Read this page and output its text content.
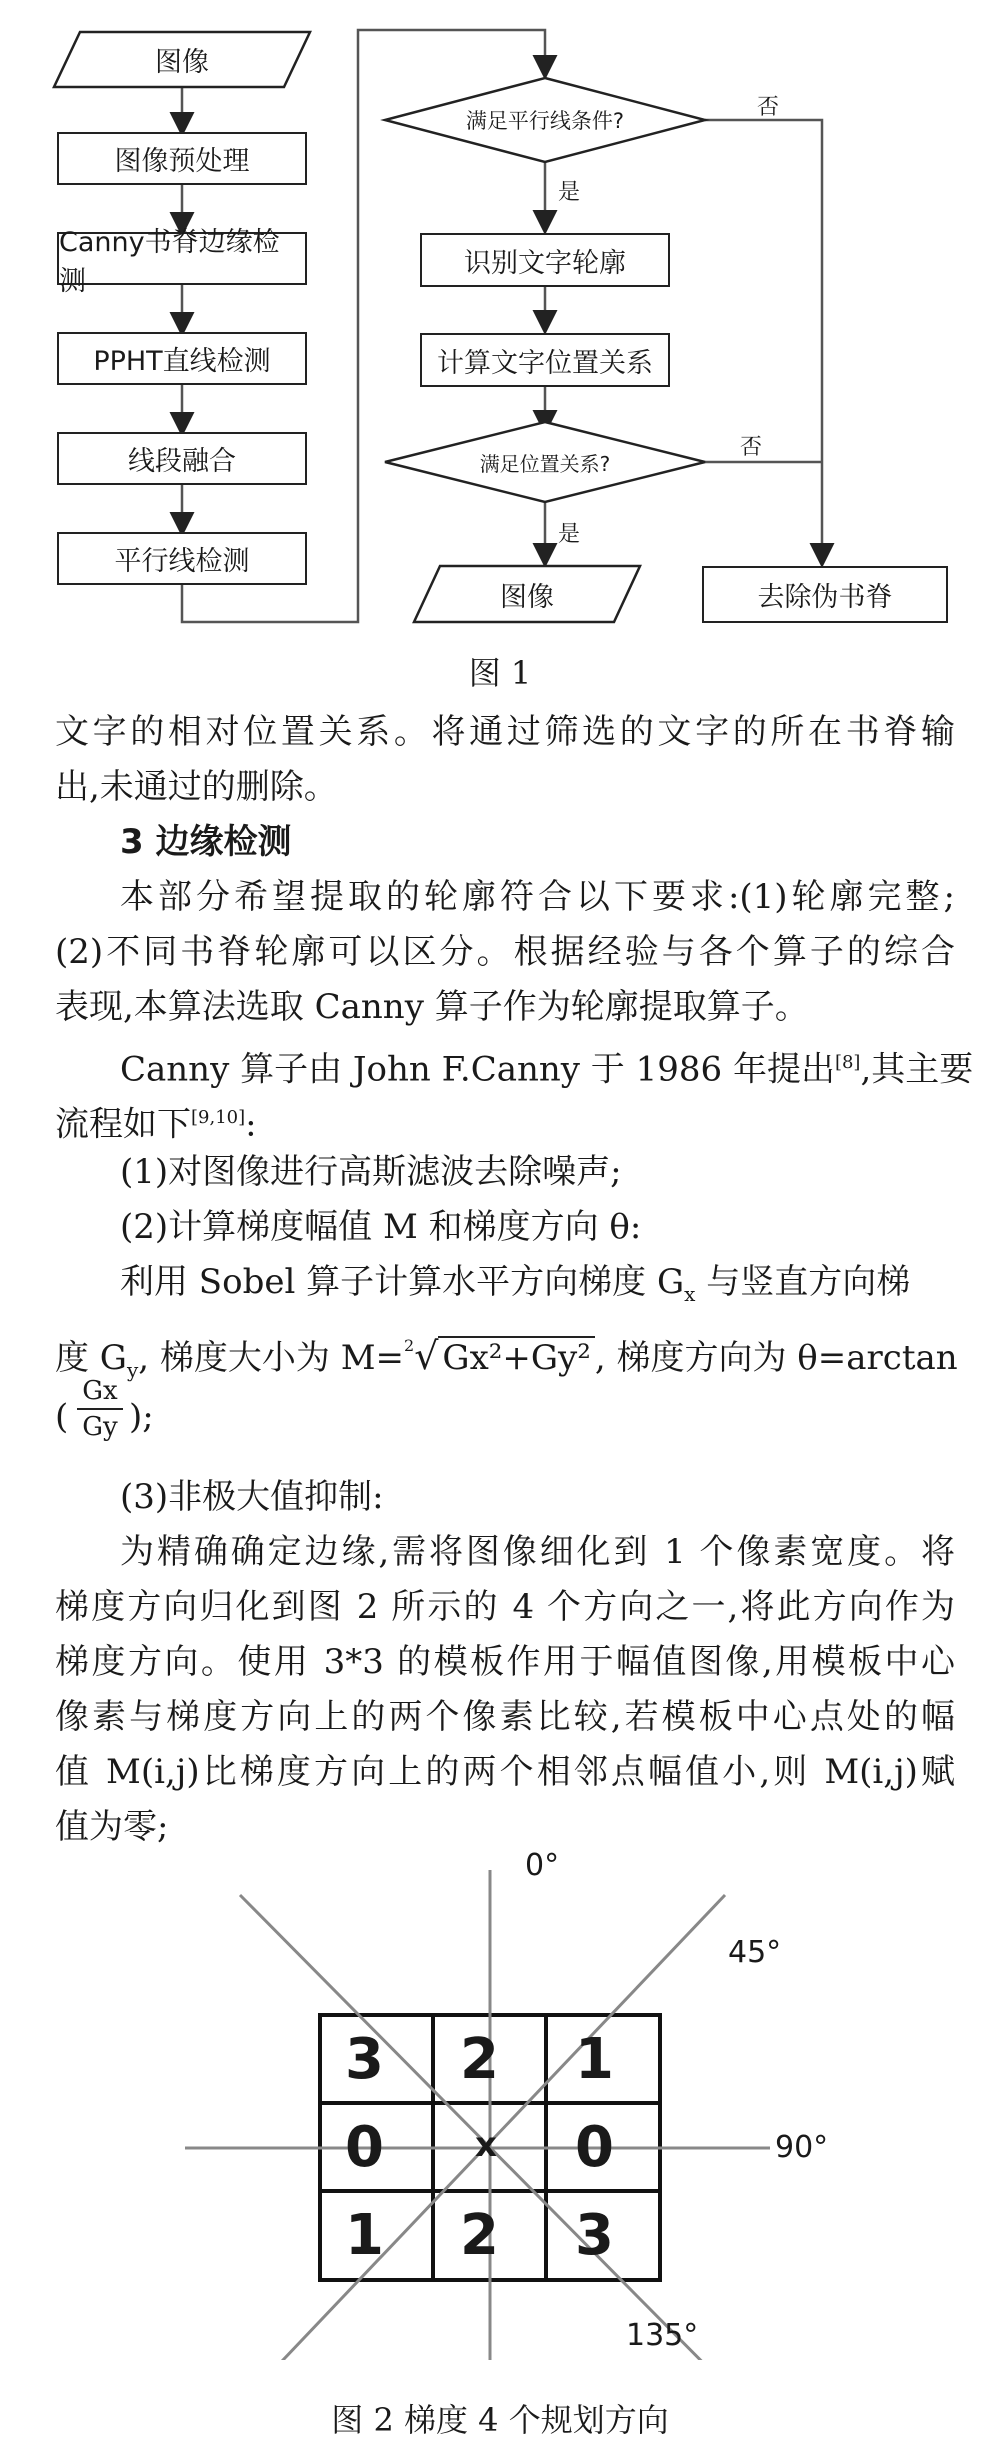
图像
图像预处理
Canny书脊边缘检测
PPHT直线检测
线段融合
平行线检测
满足平行线条件?
是
否
识别文字轮廓
计算文字位置关系
满足位置关系?
是
否
图像	去除伪书脊
图 1
文字的相对位置关系。将通过筛选的文字的所在书脊输
出,未通过的删除。
3 边缘检测
本部分希望提取的轮廓符合以下要求:(1)轮廓完整;
(2)不同书脊轮廓可以区分。根据经验与各个算子的综合
表现,本算法选取 Canny 算子作为轮廓提取算子。
Canny 算子由 John F.Canny 于 1986 年提出[8],其主要
流程如下[9,10]:
(1)对图像进行高斯滤波去除噪声;
(2)计算梯度幅值 M 和梯度方向 θ:
利用 Sobel 算子计算水平方向梯度 $G_x$ 与竖直方向梯
度 $G_y$, 梯度大小为 M=$^2$√ Gx²+Gy² , 梯度方向为 θ=arctan
( $\frac{Gx}{Gy}$ );
(3)非极大值抑制:
为精确确定边缘,需将图像细化到 1 个像素宽度。将
梯度方向归化到图 2 所示的 4 个方向之一,将此方向作为
梯度方向。使用 3*3 的模板作用于幅值图像,用模板中心
像素与梯度方向上的两个像素比较,若模板中心点处的幅
值 M(i,j)比梯度方向上的两个相邻点幅值小,则 M(i,j)赋
值为零;
3 2 1
0	x 0
1 2 3
0°
45°
90°
135°
图 2 梯度 4 个规划方向
